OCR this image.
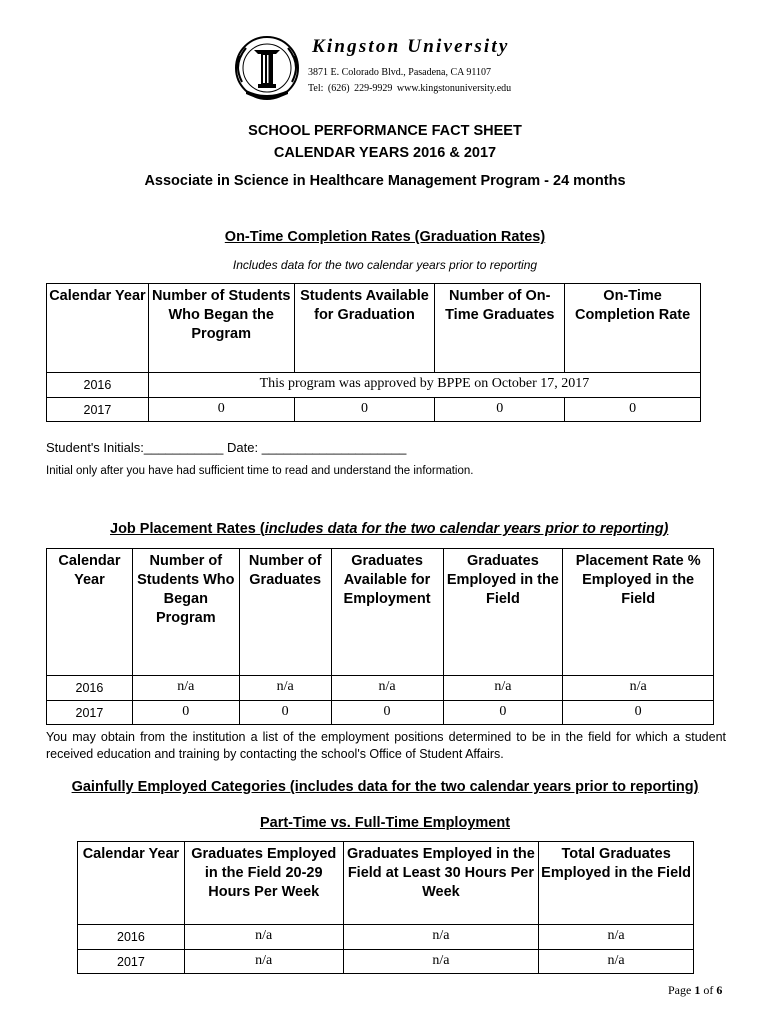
Kingston University
3871 E. Colorado Blvd., Pasadena, CA 91107
Tel: (626) 229-9929 www.kingstonuniversity.edu
SCHOOL PERFORMANCE FACT SHEET
CALENDAR YEARS 2016 & 2017
Associate in Science in Healthcare Management Program - 24 months
On-Time Completion Rates (Graduation Rates)
Includes data for the two calendar years prior to reporting
Calendar Year	Number of Students Who Began the Program	Students Available for Graduation	Number of On-Time Graduates	On-Time Completion Rate
2016	This program was approved by BPPE on October 17, 2017			
2017	0	0	0	0
Student's Initials:___________ Date: ____________________
Initial only after you have had sufficient time to read and understand the information.
Job Placement Rates (includes data for the two calendar years prior to reporting)
Calendar Year	Number of Students Who Began Program	Number of Graduates	Graduates Available for Employment	Graduates Employed in the Field	Placement Rate % Employed in the Field
2016	n/a	n/a	n/a	n/a	n/a
2017	0	0	0	0	0
You may obtain from the institution a list of the employment positions determined to be in the field for which a student received education and training by contacting the school's Office of Student Affairs.
Gainfully Employed Categories (includes data for the two calendar years prior to reporting)
Part-Time vs. Full-Time Employment
Calendar Year	Graduates Employed in the Field 20-29 Hours Per Week	Graduates Employed in the Field at Least 30 Hours Per Week	Total Graduates Employed in the Field
2016	n/a	n/a	n/a
2017	n/a	n/a	n/a
Page 1 of 6
